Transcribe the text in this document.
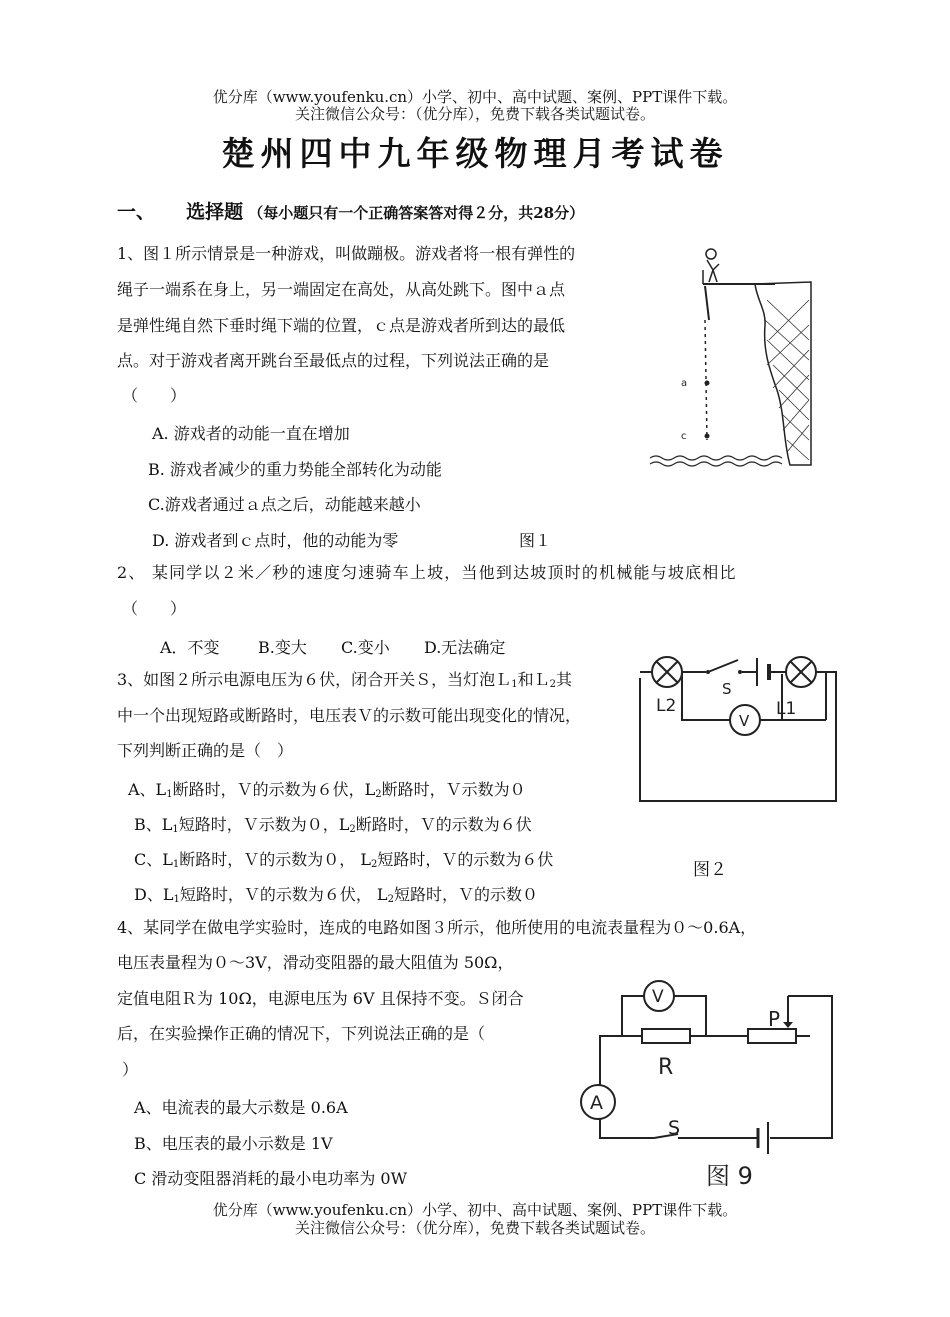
优分库（www.youfenku.cn）小学、初中、高中试题、案例、PPT课件下载。
关注微信公众号：（优分库），免费下载各类试题试卷。
楚州四中九年级物理月考试卷
一、 选择题 （每小题只有一个正确答案答对得２分，共28分）
1、图１所示情景是一种游戏，叫做蹦极。游戏者将一根有弹性的
绳子一端系在身上，另一端固定在高处，从高处跳下。图中ａ点
是弹性绳自然下垂时绳下端的位置，ｃ点是游戏者所到达的最低
点。对于游戏者离开跳台至最低点的过程，下列说法正确的是
（　　）
A. 游戏者的动能一直在增加
B. 游戏者减少的重力势能全部转化为动能
C.游戏者通过ａ点之后，动能越来越小
D. 游戏者到ｃ点时，他的动能为零	图１
a
c
2、 某同学以２米／秒的速度匀速骑车上坡，当他到达坡顶时的机械能与坡底相比
（　　）
A．不变 B.变大 C.变小 D.无法确定
3、如图２所示电源电压为６伏，闭合开关Ｓ，当灯泡Ｌ$_1$和Ｌ$_2$其
中一个出现短路或断路时，电压表Ｖ的示数可能出现变化的情况，
下列判断正确的是（　）
A、$L_1$断路时，Ｖ的示数为６伏，$L_2$断路时，Ｖ示数为０
B、$L_1$短路时，Ｖ示数为０，$L_2$断路时，Ｖ的示数为６伏
C、$L_1$断路时，Ｖ的示数为０， $L_2$短路时，Ｖ的示数为６伏
D、$L_1$短路时，Ｖ的示数为６伏， $L_2$短路时，Ｖ的示数０
图２
V
L2
S
L1
4、某同学在做电学实验时，连成的电路如图３所示，他所使用的电流表量程为０～0.6A，
电压表量程为０～3V，滑动变阻器的最大阻值为 50Ω，
定值电阻Ｒ为 10Ω，电源电压为 6V 且保持不变。Ｓ闭合
后，在实验操作正确的情况下，下列说法正确的是（
）
A、电流表的最大示数是 0.6A
B、电压表的最小示数是 1V
C 滑动变阻器消耗的最小电功率为 0W
V
R
P
A
S
图 9
优分库（www.youfenku.cn）小学、初中、高中试题、案例、PPT课件下载。
关注微信公众号：（优分库），免费下载各类试题试卷。
